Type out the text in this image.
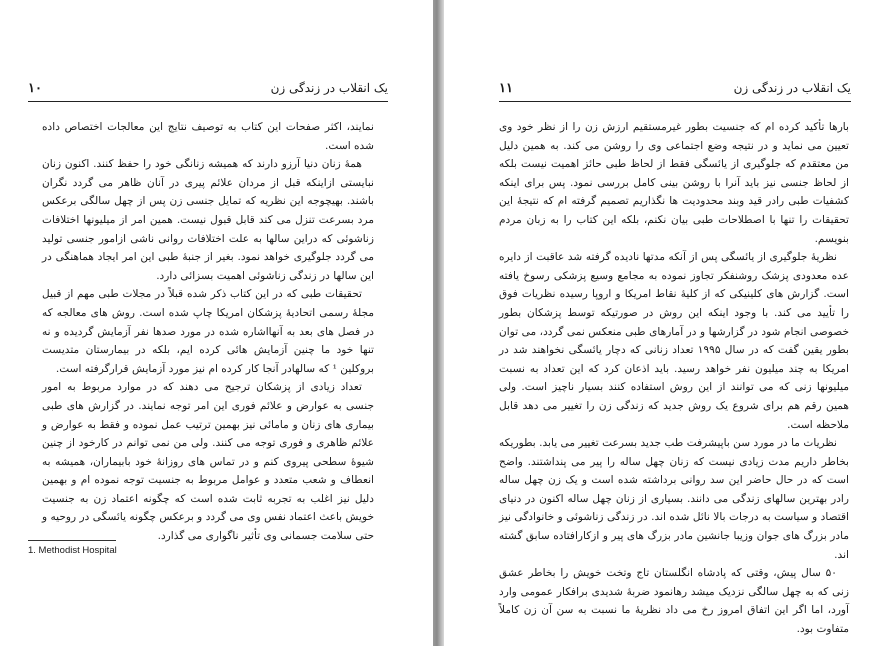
۱۰	یک انقلاب در زندگی زن

نمایند، اکثر صفحات این کتاب به توصیف نتایج این معالجات اختصاص داده شده است.

همهٔ زنان دنیا آرزو دارند که همیشه زنانگی خود را حفظ کنند. اکنون زنان نبایستی ازاینکه قبل از مردان علائم پیری در آنان ظاهر می گردد نگران باشند. بهیچوجه این نظریه که تمایل جنسی زن پس از چهل سالگی برعکس مرد بسرعت تنزل می کند قابل قبول نیست. همین امر از میلیونها اختلافات زناشوئی که دراین سالها به علت اختلافات روانی ناشی ازامور جنسی تولید می گردد جلوگیری خواهد نمود. بغیر از جنبهٔ طبی این امر ایجاد هماهنگی در این سالها در زندگی زناشوئی اهمیت بسزائی دارد.

تحقیقات طبی که در این کتاب ذکر شده قبلاً در مجلات طبی مهم از قبیل مجلهٔ رسمی اتحادیهٔ پزشکان امریکا چاپ شده است. روش های معالجه که در فصل های بعد به آنهااشاره شده در مورد صدها نفر آزمایش گردیده و نه تنها خود ما چنین آزمایش هائی کرده ایم، بلکه در بیمارستان متدیست بروکلین ¹ که سالهادر آنجا کار کرده ام نیز مورد آزمایش قرارگرفته است.

تعداد زیادی از پزشکان ترجیح می دهند که در موارد مربوط به امور جنسی به عوارض و علائم فوری این امر توجه نمایند. در گزارش های طبی بیماری های زنان و مامائی نیز بهمین ترتیب عمل نموده و فقط به عوارض و علائم ظاهری و فوری توجه می کنند. ولی من نمی توانم در کارخود از چنین شیوهٔ سطحی پیروی کنم و در تماس های روزانهٔ خود بابیماران، همیشه به انعطاف و شعب متعدد و عوامل مربوط به جنسیت توجه نموده ام و بهمین دلیل نیز اغلب به تجربه ثابت شده است که چگونه اعتماد زن به جنسیت خویش باعث اعتماد نفس وی می گردد و برعکس چگونه یائسگی در روحیه و حتی سلامت جسمانی وی تأثیر ناگواری می گذارد.

1. Methodist Hospital
۱۱	یک انقلاب در زندگی زن

بارها تأکید کرده ام که جنسیت بطور غیرمستقیم ارزش زن را از نظر خود وی تعیین می نماید و در نتیجه وضع اجتماعی وی را روشن می کند. به همین دلیل من معتقدم که جلوگیری از یائسگی فقط از لحاظ طبی حائز اهمیت نیست بلکه از لحاظ جنسی نیز باید آنرا با روشن بینی کامل بررسی نمود. پس برای اینکه کشفیات طبی رادر قید وبند محدودیت ها نگذاریم تصمیم گرفته ام که نتیجهٔ این تحقیقات را تنها با اصطلاحات طبی بیان نکنم، بلکه این کتاب را به زبان مردم بنویسم.

نظریهٔ جلوگیری از یائسگی پس از آنکه مدتها نادیده گرفته شد عاقبت از دایره عده معدودی پزشک روشنفکر تجاوز نموده به مجامع وسیع پزشکی رسوخ یافته است. گزارش های کلینیکی که از کلیهٔ نقاط امریکا و اروپا رسیده نظریات فوق را تأیید می کند. با وجود اینکه این روش در صورتیکه توسط پزشکان بطور خصوصی انجام شود در گزارشها و در آمارهای طبی منعکس نمی گردد، می توان بطور یقین گفت که در سال ۱۹۹۵ تعداد زنانی که دچار یائسگی نخواهند شد در امریکا به چند میلیون نفر خواهد رسید. باید اذعان کرد که این تعداد به نسبت میلیونها زنی که می توانند از این روش استفاده کنند بسیار ناچیز است. ولی همین رقم هم برای شروع یک روش جدید که زندگی زن را تغییر می دهد قابل ملاحظه است.

نظریات ما در مورد سن باپیشرفت طب جدید بسرعت تغییر می یابد. بطوریکه بخاطر داریم مدت زیادی نیست که زنان چهل ساله را پیر می پنداشتند. واضح است که در حال حاضر این سد روانی برداشته شده است و یک زن چهل ساله رادر بهترین سالهای زندگی می دانند. بسیاری از زنان چهل ساله اکنون در دنیای اقتصاد و سیاست به درجات بالا نائل شده اند. در زندگی زناشوئی و خانوادگی نیز مادر بزرگ های جوان وزیبا جانشین مادر بزرگ های پیر و ازکارافتاده سابق گشته اند.

۵۰ سال پیش، وقتی که پادشاه انگلستان تاج وتخت خویش را بخاطر عشق زنی که به چهل سالگی نزدیک میشد رهانمود ضربهٔ شدیدی برافکار عمومی وارد آورد، اما اگر این اتفاق امروز رخ می داد نظریهٔ ما نسبت به سن آن زن کاملاً متفاوت بود.
